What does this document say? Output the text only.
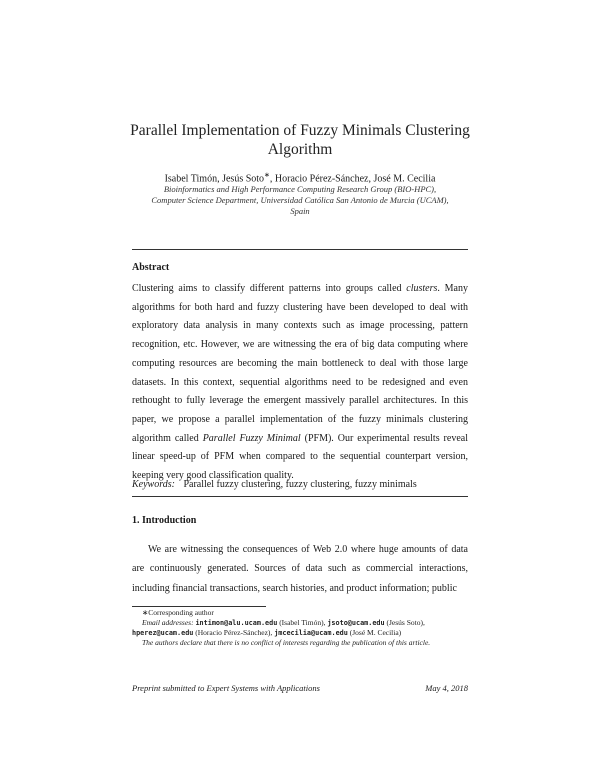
Parallel Implementation of Fuzzy Minimals Clustering Algorithm
Isabel Timón, Jesús Soto∗, Horacio Pérez-Sánchez, José M. Cecilia
Bioinformatics and High Performance Computing Research Group (BIO-HPC), Computer Science Department, Universidad Católica San Antonio de Murcia (UCAM), Spain
Abstract
Clustering aims to classify different patterns into groups called clusters. Many algorithms for both hard and fuzzy clustering have been developed to deal with exploratory data analysis in many contexts such as image processing, pattern recognition, etc. However, we are witnessing the era of big data computing where computing resources are becoming the main bottleneck to deal with those large datasets. In this context, sequential algorithms need to be redesigned and even rethought to fully leverage the emergent massively parallel architectures. In this paper, we propose a parallel implementation of the fuzzy minimals clustering algorithm called Parallel Fuzzy Minimal (PFM). Our experimental results reveal linear speed-up of PFM when compared to the sequential counterpart version, keeping very good classification quality.
Keywords: Parallel fuzzy clustering, fuzzy clustering, fuzzy minimals
1. Introduction
We are witnessing the consequences of Web 2.0 where huge amounts of data are continuously generated. Sources of data such as commercial interactions, including financial transactions, search histories, and product information; public
∗Corresponding author
Email addresses: intimon@alu.ucam.edu (Isabel Timón), jsoto@ucam.edu (Jesús Soto), hperez@ucam.edu (Horacio Pérez-Sánchez), jmcecilia@ucam.edu (José M. Cecilia)
The authors declare that there is no conflict of interests regarding the publication of this article.
Preprint submitted to Expert Systems with Applications	May 4, 2018
